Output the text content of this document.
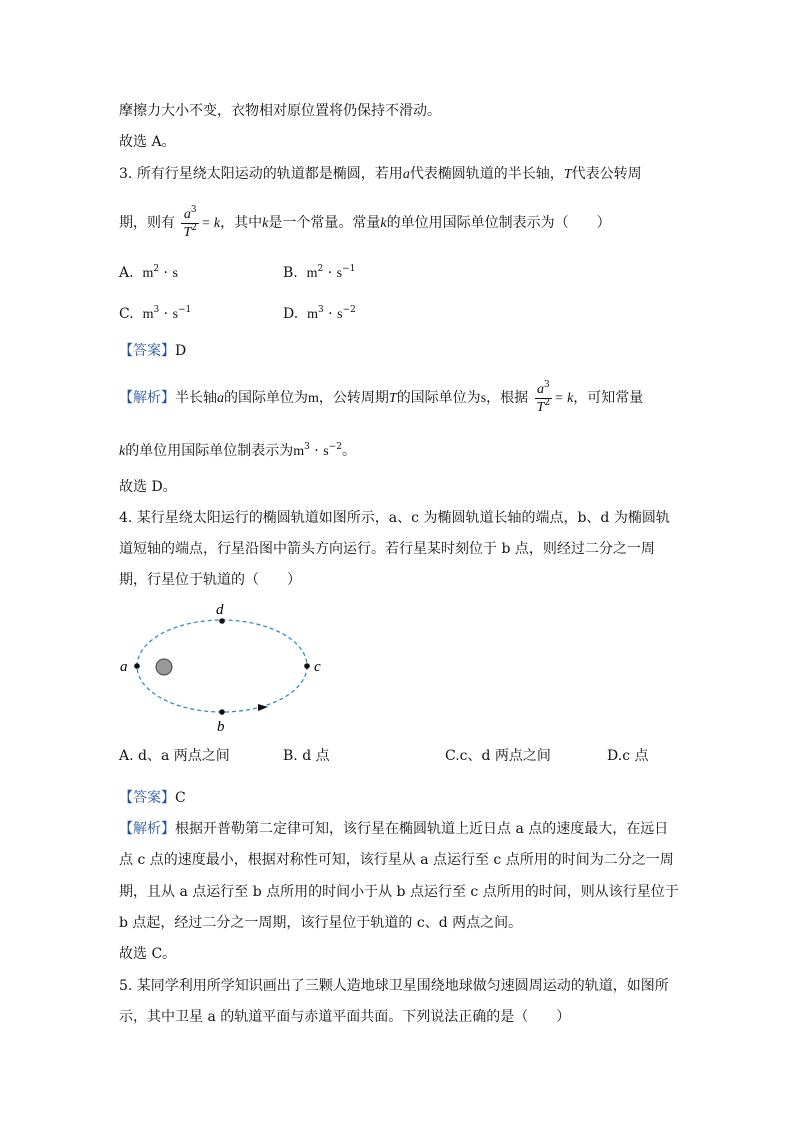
摩擦力大小不变，衣物相对原位置将仍保持不滑动。
故选 A。
3. 所有行星绕太阳运动的轨道都是椭圆，若用a代表椭圆轨道的半长轴，T代表公转周
期，则有 $\frac{a^3}{T^2} = k$，其中k是一个常量。常量k的单位用国际单位制表示为（　　）
A. $m^2 \cdot s$	B. $m^2 \cdot s^{-1}$
C. $m^3 \cdot s^{-1}$	D. $m^3 \cdot s^{-2}$
【答案】D
【解析】半长轴a的国际单位为m，公转周期T的国际单位为s，根据 $\frac{a^3}{T^2} = k$，可知常量
k的单位用国际单位制表示为$m^3 \cdot s^{-2}$。
故选 D。
4. 某行星绕太阳运行的椭圆轨道如图所示，a、c 为椭圆轨道长轴的端点，b、d 为椭圆轨
道短轴的端点，行星沿图中箭头方向运行。若行星某时刻位于 b 点，则经过二分之一周
期，行星位于轨道的（　　）
a	c
d
b
A. d、a 两点之间	B. d 点	C.c、d 两点之间	D.c 点
【答案】C
【解析】根据开普勒第二定律可知，该行星在椭圆轨道上近日点 a 点的速度最大，在远日
点 c 点的速度最小，根据对称性可知，该行星从 a 点运行至 c 点所用的时间为二分之一周
期，且从 a 点运行至 b 点所用的时间小于从 b 点运行至 c 点所用的时间，则从该行星位于
b 点起，经过二分之一周期，该行星位于轨道的 c、d 两点之间。
故选 C。
5. 某同学利用所学知识画出了三颗人造地球卫星围绕地球做匀速圆周运动的轨道，如图所
示，其中卫星 a 的轨道平面与赤道平面共面。下列说法正确的是（　　）
